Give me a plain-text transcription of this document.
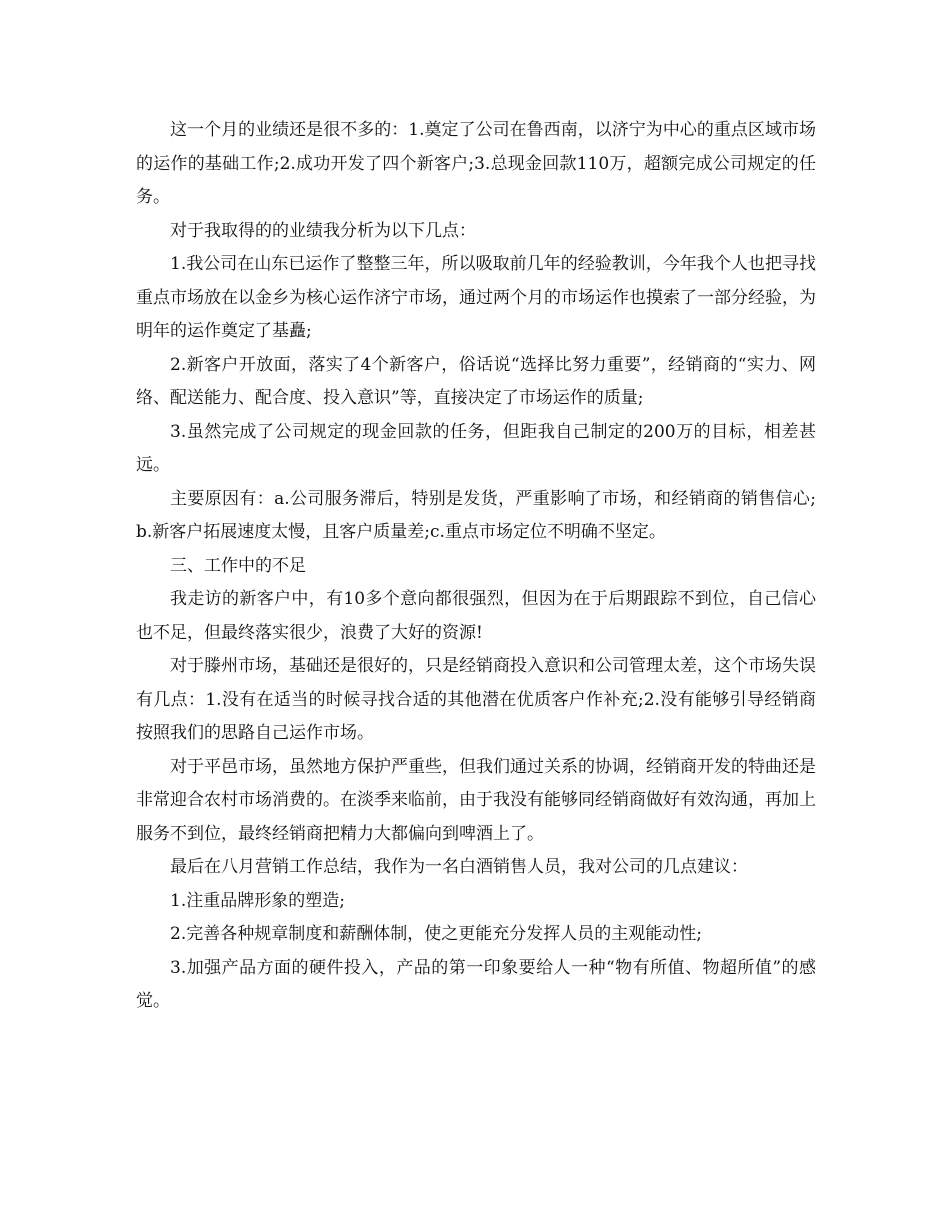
这一个月的业绩还是很不多的：1.奠定了公司在鲁西南，以济宁为中心的重点区域市场的运作的基础工作;2.成功开发了四个新客户;3.总现金回款110万，超额完成公司规定的任务。

对于我取得的的业绩我分析为以下几点：

1.我公司在山东已运作了整整三年，所以吸取前几年的经验教训，今年我个人也把寻找重点市场放在以金乡为核心运作济宁市场，通过两个月的市场运作也摸索了一部分经验，为明年的运作奠定了基矗;

2.新客户开放面，落实了4个新客户，俗话说“选择比努力重要”，经销商的“实力、网络、配送能力、配合度、投入意识”等，直接决定了市场运作的质量;

3.虽然完成了公司规定的现金回款的任务，但距我自己制定的200万的目标，相差甚远。

主要原因有：a.公司服务滞后，特别是发货，严重影响了市场，和经销商的销售信心;b.新客户拓展速度太慢，且客户质量差;c.重点市场定位不明确不坚定。

三、工作中的不足

我走访的新客户中，有10多个意向都很强烈，但因为在于后期跟踪不到位，自己信心也不足，但最终落实很少，浪费了大好的资源!

对于滕州市场，基础还是很好的，只是经销商投入意识和公司管理太差，这个市场失误有几点：1.没有在适当的时候寻找合适的其他潜在优质客户作补充;2.没有能够引导经销商按照我们的思路自己运作市场。

对于平邑市场，虽然地方保护严重些，但我们通过关系的协调，经销商开发的特曲还是非常迎合农村市场消费的。在淡季来临前，由于我没有能够同经销商做好有效沟通，再加上服务不到位，最终经销商把精力大都偏向到啤酒上了。

最后在八月营销工作总结，我作为一名白酒销售人员，我对公司的几点建议：

1.注重品牌形象的塑造;

2.完善各种规章制度和薪酬体制，使之更能充分发挥人员的主观能动性;

3.加强产品方面的硬件投入，产品的第一印象要给人一种“物有所值、物超所值”的感觉。
